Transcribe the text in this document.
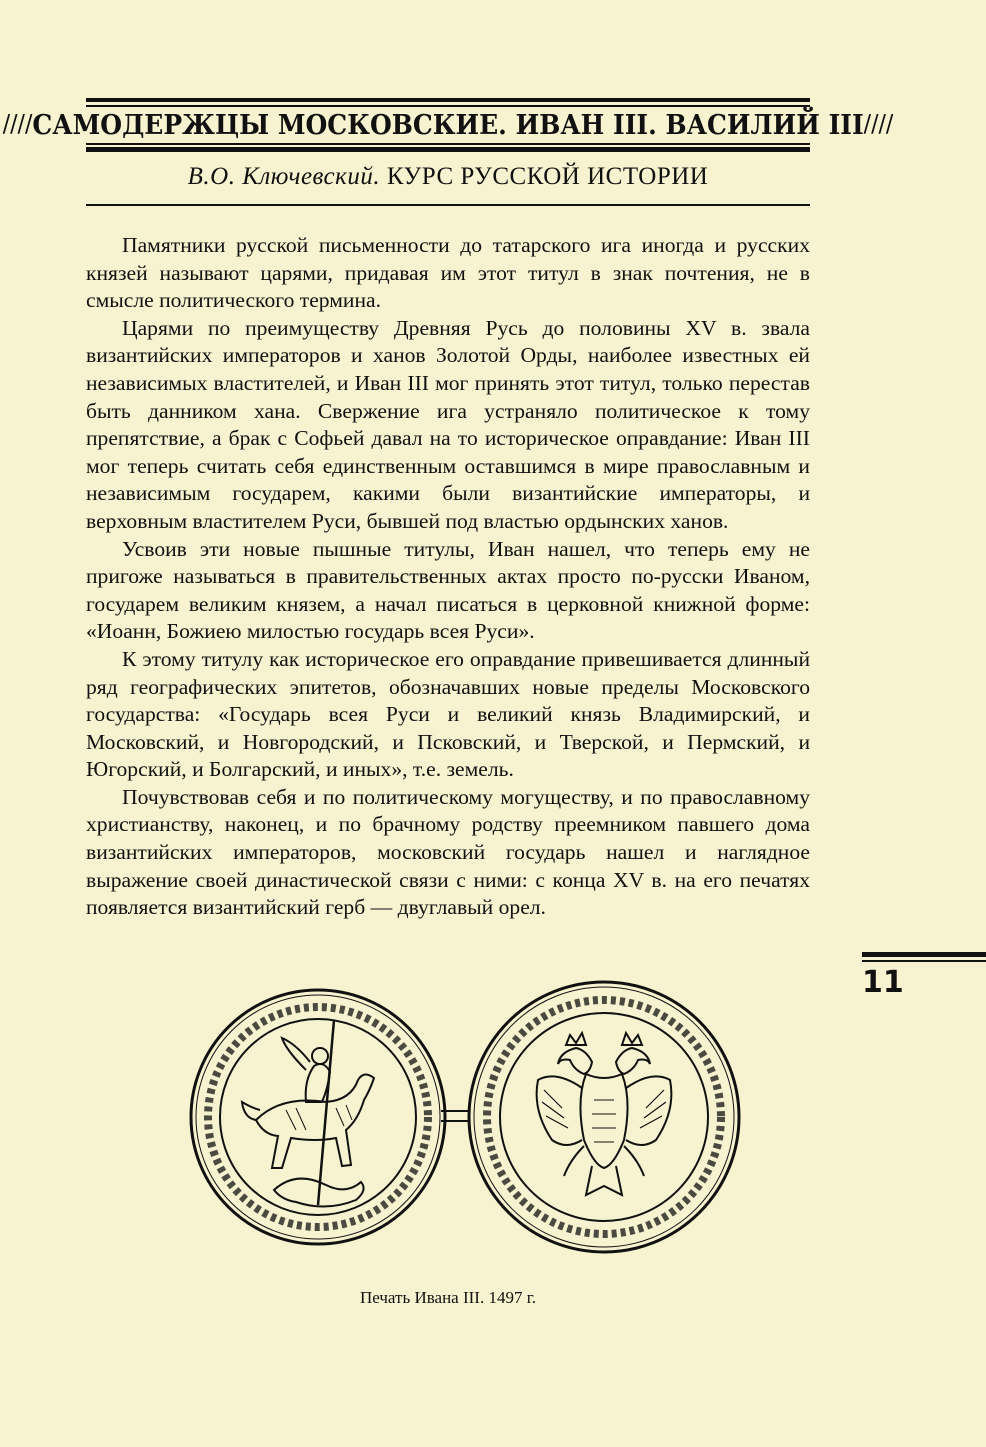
//// САМОДЕРЖЦЫ МОСКОВСКИЕ. ИВАН III. ВАСИЛИЙ III ////
В.О. Ключевский. КУРС РУССКОЙ ИСТОРИИ

Памятники русской письменности до татарского ига иногда и русских князей называют царями, придавая им этот титул в знак почтения, не в смысле политического термина.

Царями по преимуществу Древняя Русь до половины XV в. звала византийских императоров и ханов Золотой Орды, наиболее известных ей независимых властителей, и Иван III мог принять этот титул, только перестав быть данником хана. Свержение ига устраняло политическое к тому препятствие, а брак с Софьей давал на то историческое оправдание: Иван III мог теперь считать себя единственным оставшимся в мире православным и независимым государем, какими были византийские императоры, и верховным властителем Руси, бывшей под властью ордынских ханов.

Усвоив эти новые пышные титулы, Иван нашел, что теперь ему не пригоже называться в правительственных актах просто по-русски Иваном, государем великим князем, а начал писаться в церковной книжной форме: «Иоанн, Божиею милостью государь всея Руси».

К этому титулу как историческое его оправдание привешивается длинный ряд географических эпитетов, обозначавших новые пределы Московского государства: «Государь всея Руси и великий князь Владимирский, и Московский, и Новгородский, и Псковский, и Тверской, и Пермский, и Югорский, и Болгарский, и иных», т.е. земель.

Почувствовав себя и по политическому могуществу, и по православному христианству, наконец, и по брачному родству преемником павшего дома византийских императоров, московский государь нашел и наглядное выражение своей династической связи с ними: с конца XV в. на его печатях появляется византийский герб — двуглавый орел.

11
Печать Ивана III. 1497 г.
